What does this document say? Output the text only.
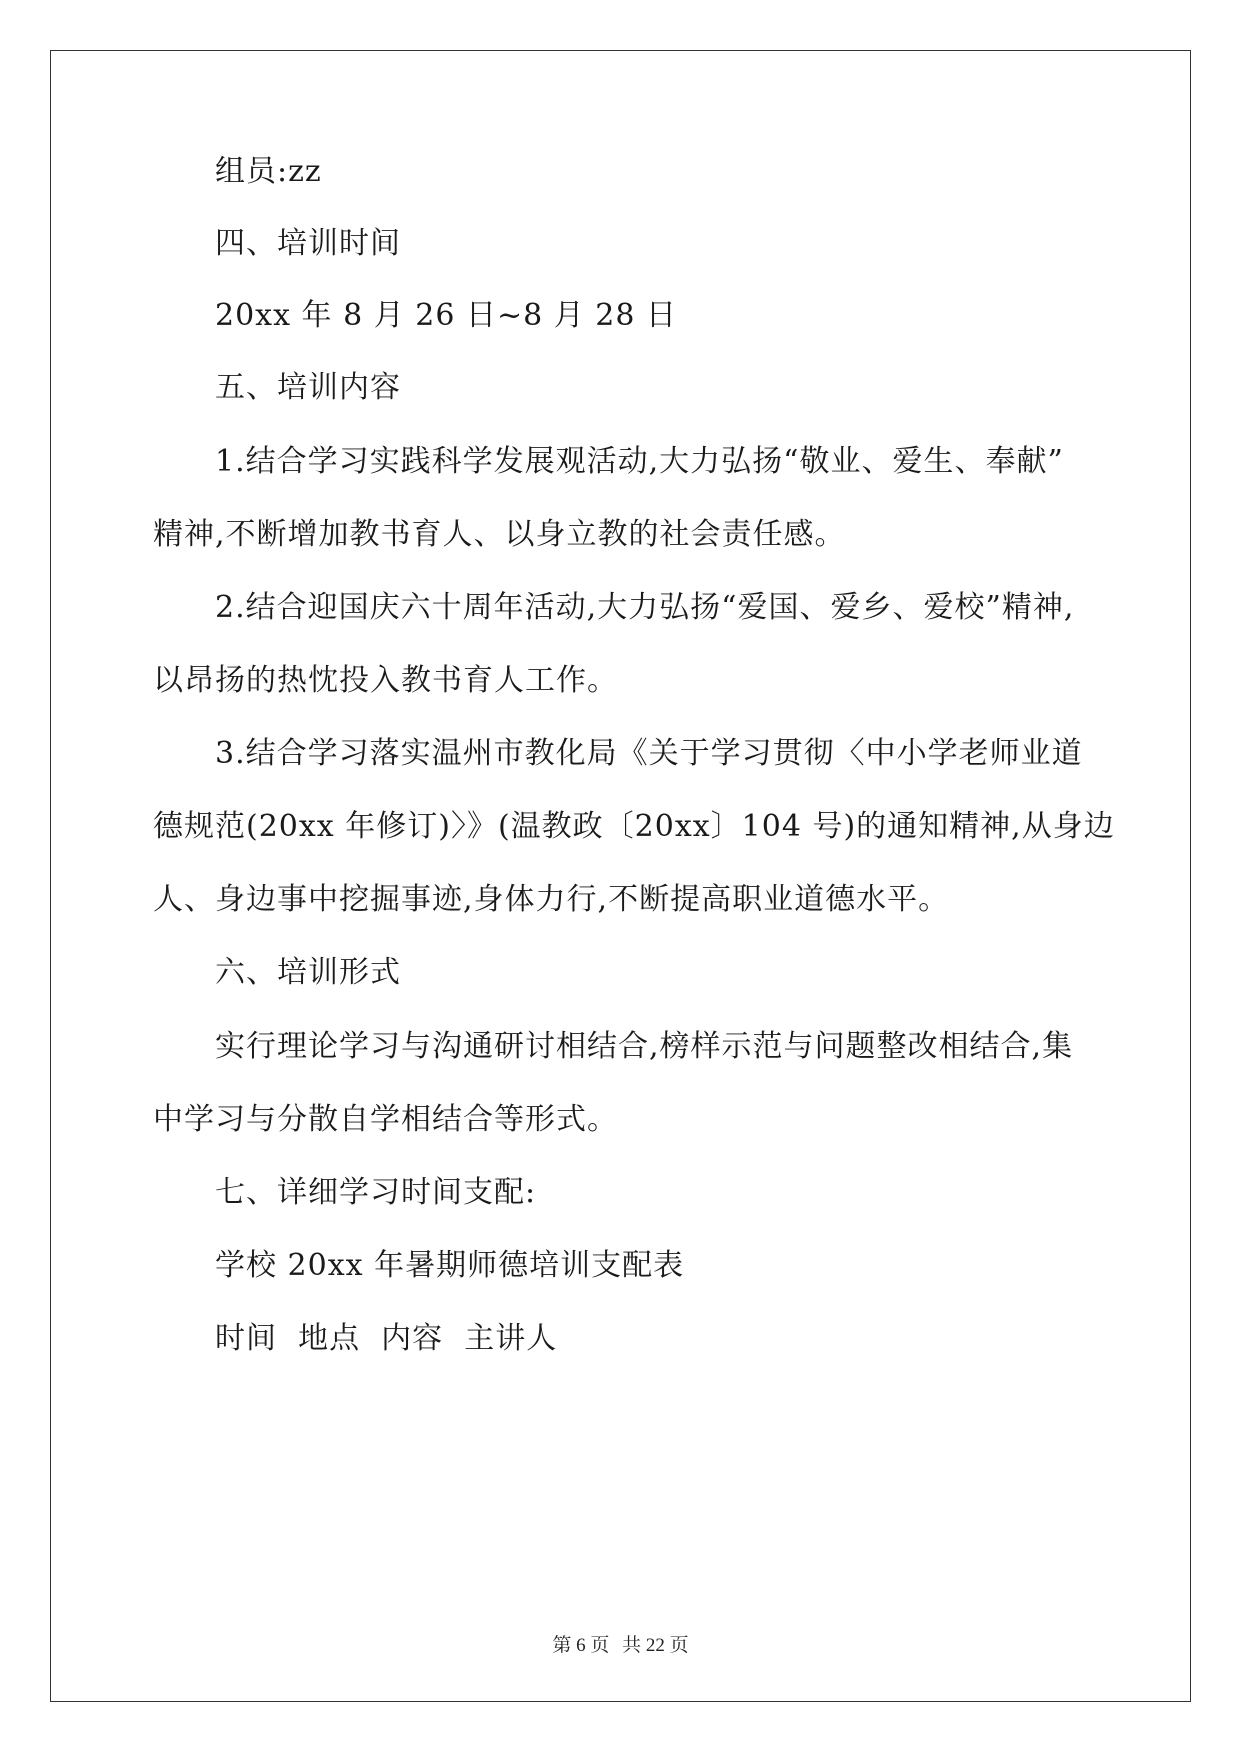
组员:zz
四、培训时间
20xx 年 8 月 26 日~8 月 28 日
五、培训内容
1.结合学习实践科学发展观活动,大力弘扬“敬业、爱生、奉献”
精神,不断增加教书育人、以身立教的社会责任感。
2.结合迎国庆六十周年活动,大力弘扬“爱国、爱乡、爱校”精神,
以昂扬的热忱投入教书育人工作。
3.结合学习落实温州市教化局《关于学习贯彻〈中小学老师业道
德规范(20xx 年修订)〉》(温教政〔20xx〕104 号)的通知精神,从身边
人、身边事中挖掘事迹,身体力行,不断提高职业道德水平。
六、培训形式
实行理论学习与沟通研讨相结合,榜样示范与问题整改相结合,集
中学习与分散自学相结合等形式。
七、详细学习时间支配:
学校 20xx 年暑期师德培训支配表
时间  地点  内容  主讲人
第 6 页 共 22 页
